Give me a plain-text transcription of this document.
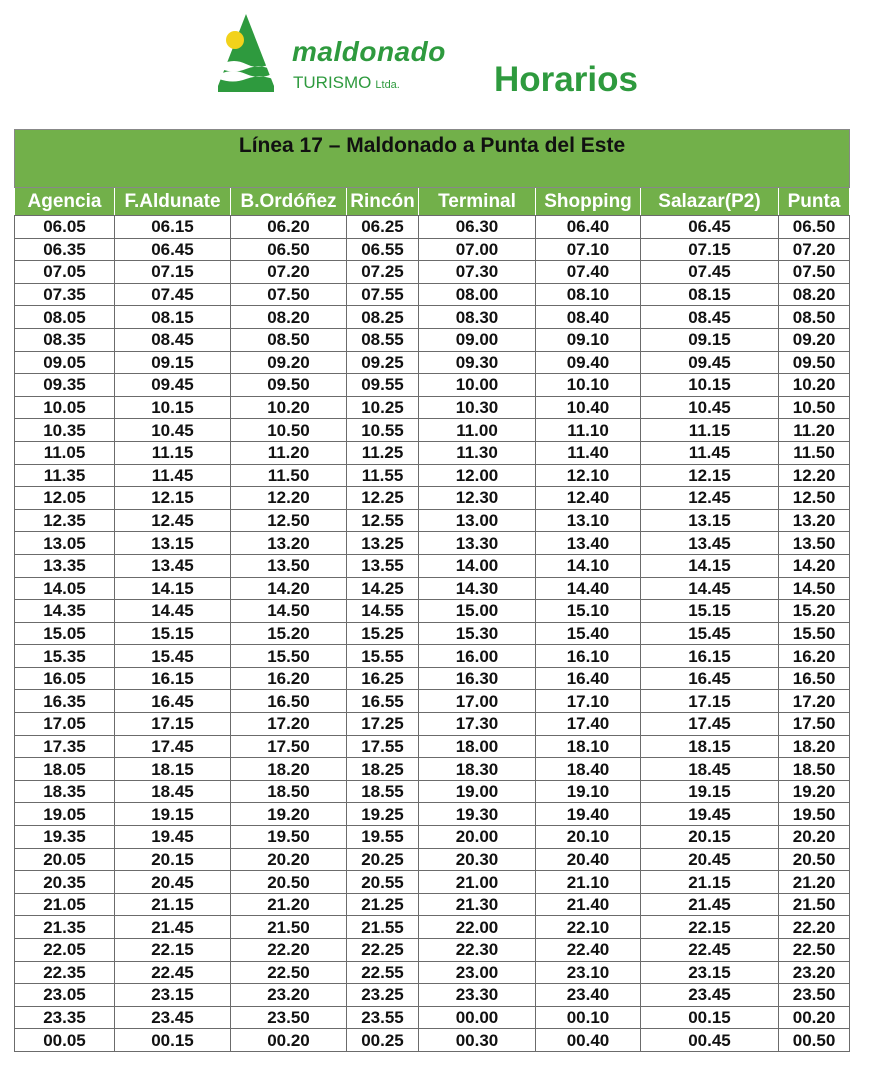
maldonado
TURISMO Ltda.	Horarios
Línea 17 – Maldonado a Punta del Este							
Agencia	F.Aldunate	B.Ordóñez	Rincón	Terminal	Shopping	Salazar(P2)	Punta
06.05	06.15	06.20	06.25	06.30	06.40	06.45	06.50
06.35	06.45	06.50	06.55	07.00	07.10	07.15	07.20
07.05	07.15	07.20	07.25	07.30	07.40	07.45	07.50
07.35	07.45	07.50	07.55	08.00	08.10	08.15	08.20
08.05	08.15	08.20	08.25	08.30	08.40	08.45	08.50
08.35	08.45	08.50	08.55	09.00	09.10	09.15	09.20
09.05	09.15	09.20	09.25	09.30	09.40	09.45	09.50
09.35	09.45	09.50	09.55	10.00	10.10	10.15	10.20
10.05	10.15	10.20	10.25	10.30	10.40	10.45	10.50
10.35	10.45	10.50	10.55	11.00	11.10	11.15	11.20
11.05	11.15	11.20	11.25	11.30	11.40	11.45	11.50
11.35	11.45	11.50	11.55	12.00	12.10	12.15	12.20
12.05	12.15	12.20	12.25	12.30	12.40	12.45	12.50
12.35	12.45	12.50	12.55	13.00	13.10	13.15	13.20
13.05	13.15	13.20	13.25	13.30	13.40	13.45	13.50
13.35	13.45	13.50	13.55	14.00	14.10	14.15	14.20
14.05	14.15	14.20	14.25	14.30	14.40	14.45	14.50
14.35	14.45	14.50	14.55	15.00	15.10	15.15	15.20
15.05	15.15	15.20	15.25	15.30	15.40	15.45	15.50
15.35	15.45	15.50	15.55	16.00	16.10	16.15	16.20
16.05	16.15	16.20	16.25	16.30	16.40	16.45	16.50
16.35	16.45	16.50	16.55	17.00	17.10	17.15	17.20
17.05	17.15	17.20	17.25	17.30	17.40	17.45	17.50
17.35	17.45	17.50	17.55	18.00	18.10	18.15	18.20
18.05	18.15	18.20	18.25	18.30	18.40	18.45	18.50
18.35	18.45	18.50	18.55	19.00	19.10	19.15	19.20
19.05	19.15	19.20	19.25	19.30	19.40	19.45	19.50
19.35	19.45	19.50	19.55	20.00	20.10	20.15	20.20
20.05	20.15	20.20	20.25	20.30	20.40	20.45	20.50
20.35	20.45	20.50	20.55	21.00	21.10	21.15	21.20
21.05	21.15	21.20	21.25	21.30	21.40	21.45	21.50
21.35	21.45	21.50	21.55	22.00	22.10	22.15	22.20
22.05	22.15	22.20	22.25	22.30	22.40	22.45	22.50
22.35	22.45	22.50	22.55	23.00	23.10	23.15	23.20
23.05	23.15	23.20	23.25	23.30	23.40	23.45	23.50
23.35	23.45	23.50	23.55	00.00	00.10	00.15	00.20
00.05	00.15	00.20	00.25	00.30	00.40	00.45	00.50
